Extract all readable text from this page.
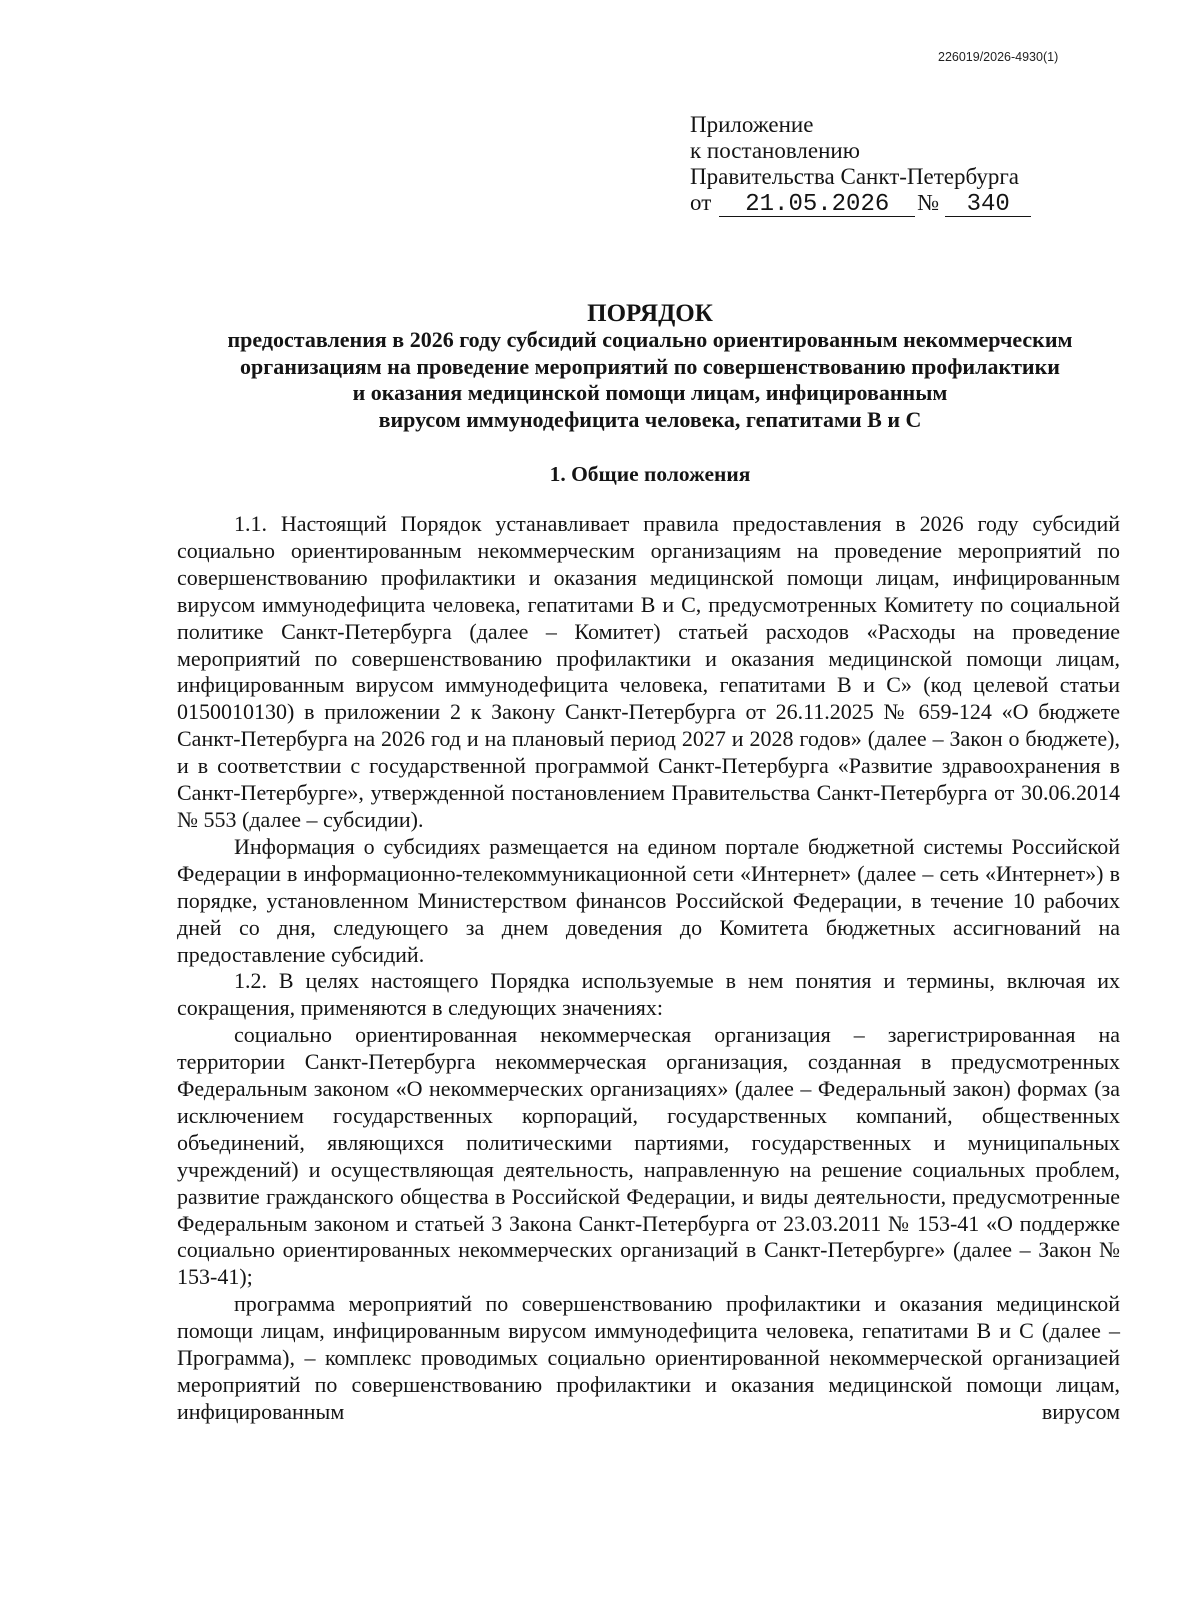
226019/2026-4930(1)
Приложение
к постановлению
Правительства Санкт-Петербурга
от 21.05.2026 № 340
ПОРЯДОК
предоставления в 2026 году субсидий социально ориентированным некоммерческим
организациям на проведение мероприятий по совершенствованию профилактики
и оказания медицинской помощи лицам, инфицированным
вирусом иммунодефицита человека, гепатитами В и С
1. Общие положения

1.1. Настоящий Порядок устанавливает правила предоставления в 2026 году субсидий социально ориентированным некоммерческим организациям на проведение мероприятий по совершенствованию профилактики и оказания медицинской помощи лицам, инфицированным вирусом иммунодефицита человека, гепатитами В и С, предусмотренных Комитету по социальной политике Санкт-Петербурга (далее – Комитет) статьей расходов «Расходы на проведение мероприятий по совершенствованию профилактики и оказания медицинской помощи лицам, инфицированным вирусом иммунодефицита человека, гепатитами В и С» (код целевой статьи 0150010130) в приложении 2 к Закону Санкт-Петербурга от 26.11.2025 № 659-124 «О бюджете Санкт-Петербурга на 2026 год и на плановый период 2027 и 2028 годов» (далее – Закон о бюджете), и в соответствии с государственной программой Санкт-Петербурга «Развитие здравоохранения в Санкт-Петербурге», утвержденной постановлением Правительства Санкт-Петербурга от 30.06.2014 № 553 (далее – субсидии).

Информация о субсидиях размещается на едином портале бюджетной системы Российской Федерации в информационно-телекоммуникационной сети «Интернет» (далее – сеть «Интернет») в порядке, установленном Министерством финансов Российской Федерации, в течение 10 рабочих дней со дня, следующего за днем доведения до Комитета бюджетных ассигнований на предоставление субсидий.

1.2. В целях настоящего Порядка используемые в нем понятия и термины, включая их сокращения, применяются в следующих значениях:

социально ориентированная некоммерческая организация – зарегистрированная на территории Санкт-Петербурга некоммерческая организация, созданная в предусмотренных Федеральным законом «О некоммерческих организациях» (далее – Федеральный закон) формах (за исключением государственных корпораций, государственных компаний, общественных объединений, являющихся политическими партиями, государственных и муниципальных учреждений) и осуществляющая деятельность, направленную на решение социальных проблем, развитие гражданского общества в Российской Федерации, и виды деятельности, предусмотренные Федеральным законом и статьей 3 Закона Санкт-Петербурга от 23.03.2011 № 153-41 «О поддержке социально ориентированных некоммерческих организаций в Санкт-Петербурге» (далее – Закон № 153-41);

программа мероприятий по совершенствованию профилактики и оказания медицинской помощи лицам, инфицированным вирусом иммунодефицита человека, гепатитами В и С (далее – Программа), – комплекс проводимых социально ориентированной некоммерческой организацией мероприятий по совершенствованию профилактики и оказания медицинской помощи лицам, инфицированным вирусом
